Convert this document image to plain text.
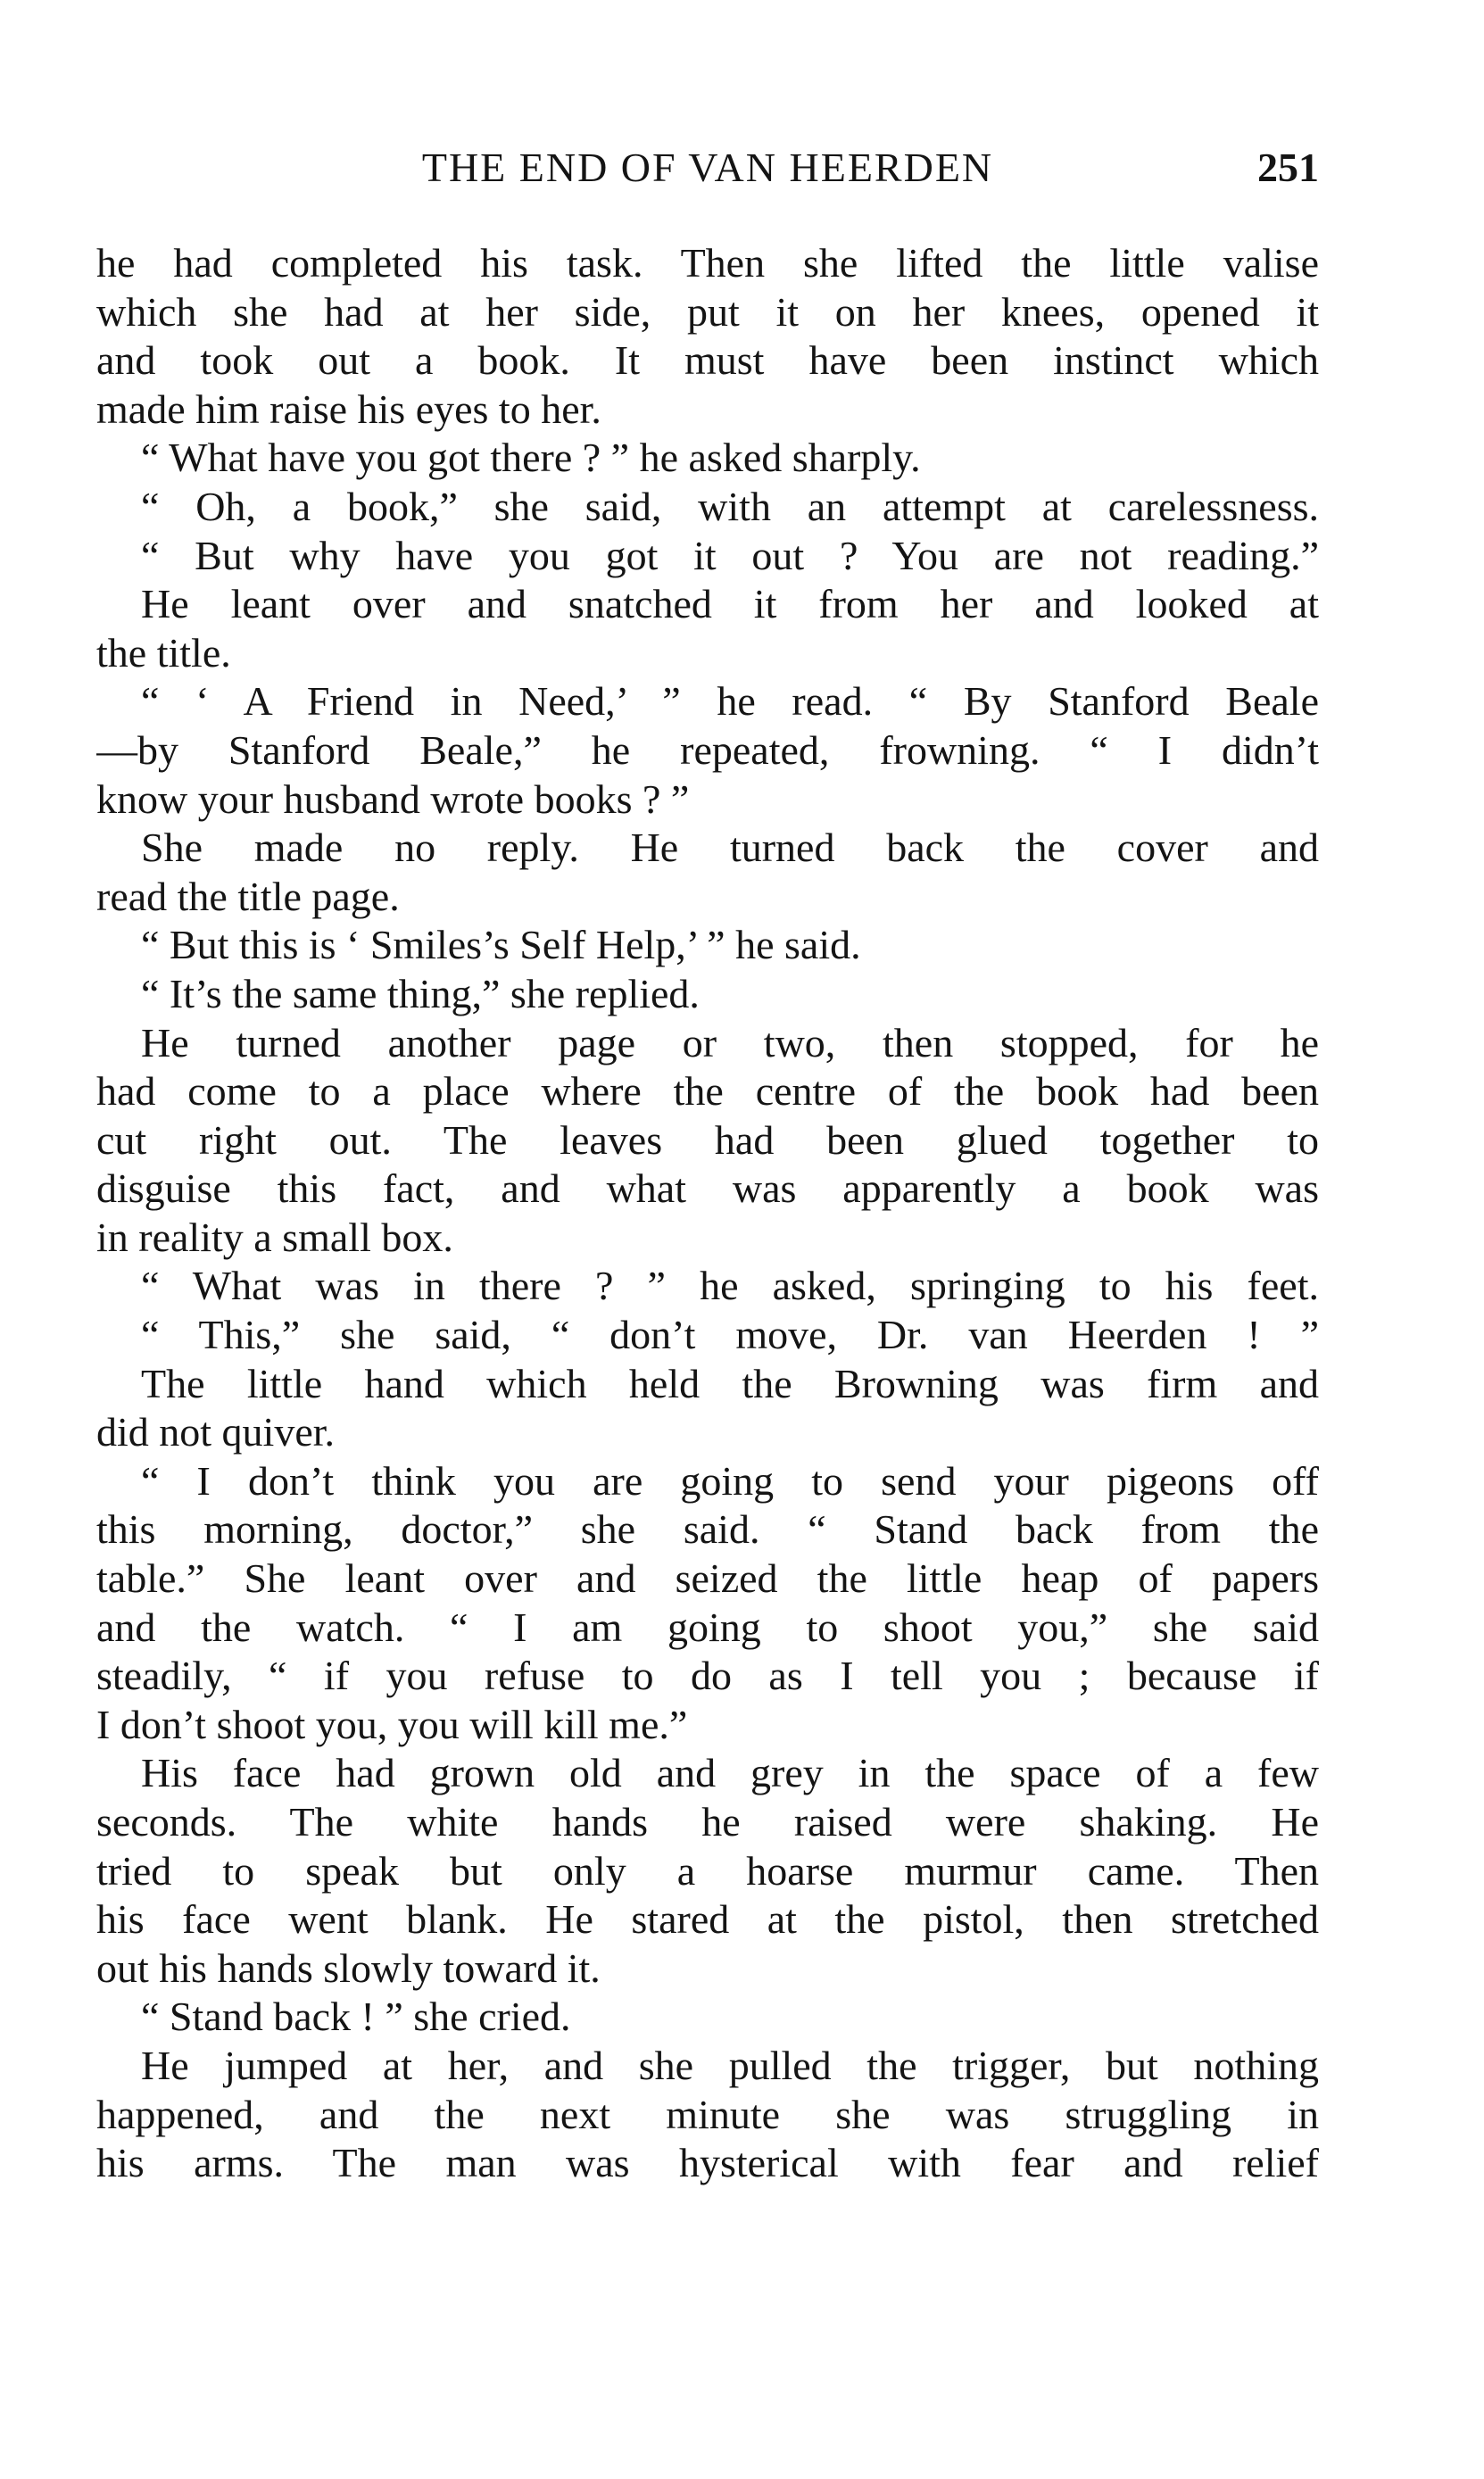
THE END OF VAN HEERDEN	251
he had completed his task. Then she lifted the little valise
which she had at her side, put it on her knees, opened it
and took out a book. It must have been instinct which
made him raise his eyes to her.
“ What have you got there ? ” he asked sharply.
“ Oh, a book,” she said, with an attempt at carelessness.
“ But why have you got it out ? You are not reading.”
He leant over and snatched it from her and looked at
the title.
“ ‘ A Friend in Need,’ ” he read. “ By Stanford Beale
—by Stanford Beale,” he repeated, frowning. “ I didn’t
know your husband wrote books ? ”
She made no reply. He turned back the cover and
read the title page.
“ But this is ‘ Smiles’s Self Help,’ ” he said.
“ It’s the same thing,” she replied.
He turned another page or two, then stopped, for he
had come to a place where the centre of the book had been
cut right out. The leaves had been glued together to
disguise this fact, and what was apparently a book was
in reality a small box.
“ What was in there ? ” he asked, springing to his feet.
“ This,” she said, “ don’t move, Dr. van Heerden ! ”
The little hand which held the Browning was firm and
did not quiver.
“ I don’t think you are going to send your pigeons off
this morning, doctor,” she said. “ Stand back from the
table.” She leant over and seized the little heap of papers
and the watch. “ I am going to shoot you,” she said
steadily, “ if you refuse to do as I tell you ; because if
I don’t shoot you, you will kill me.”
His face had grown old and grey in the space of a few
seconds. The white hands he raised were shaking. He
tried to speak but only a hoarse murmur came. Then
his face went blank. He stared at the pistol, then stretched
out his hands slowly toward it.
“ Stand back ! ” she cried.
He jumped at her, and she pulled the trigger, but nothing
happened, and the next minute she was struggling in
his arms. The man was hysterical with fear and relief
